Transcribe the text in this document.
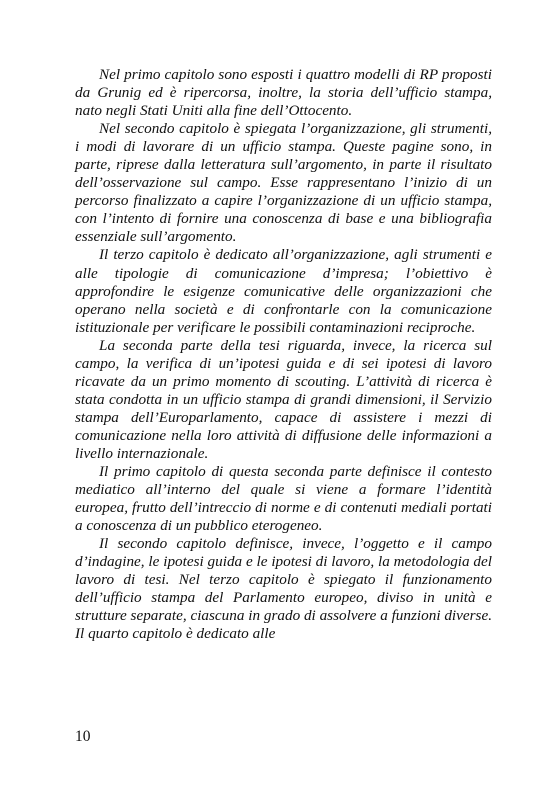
Nel primo capitolo sono esposti i quattro modelli di RP proposti da Grunig ed è ripercorsa, inoltre, la storia dell’ufficio stampa, nato negli Stati Uniti alla fine dell’Ottocento.

Nel secondo capitolo è spiegata l’organizzazione, gli strumenti, i modi di lavorare di un ufficio stampa. Queste pagine sono, in parte, riprese dalla letteratura sull’argomento, in parte il risultato dell’osservazione sul campo. Esse rappresentano l’inizio di un percorso finalizzato a capire l’organizzazione di un ufficio stampa, con l’intento di fornire una conoscenza di base e una bibliografia essenziale sull’argomento.

Il terzo capitolo è dedicato all’organizzazione, agli strumenti e alle tipologie di comunicazione d’impresa; l’obiettivo è approfondire le esigenze comunicative delle organizzazioni che operano nella società e di confrontarle con la comunicazione istituzionale per verificare le possibili contaminazioni reciproche.

La seconda parte della tesi riguarda, invece, la ricerca sul campo, la verifica di un’ipotesi guida e di sei ipotesi di lavoro ricavate da un primo momento di scouting. L’attività di ricerca è stata condotta in un ufficio stampa di grandi dimensioni, il Servizio stampa dell’Europarlamento, capace di assistere i mezzi di comunicazione nella loro attività di diffusione delle informazioni a livello internazionale.

Il primo capitolo di questa seconda parte definisce il contesto mediatico all’interno del quale si viene a formare l’identità europea, frutto dell’intreccio di norme e di contenuti mediali portati a conoscenza di un pubblico eterogeneo.

Il secondo capitolo definisce, invece, l’oggetto e il campo d’indagine, le ipotesi guida e le ipotesi di lavoro, la metodologia del lavoro di tesi. Nel terzo capitolo è spiegato il funzionamento dell’ufficio stampa del Parlamento europeo, diviso in unità e strutture separate, ciascuna in grado di assolvere a funzioni diverse. Il quarto capitolo è dedicato alle

10
